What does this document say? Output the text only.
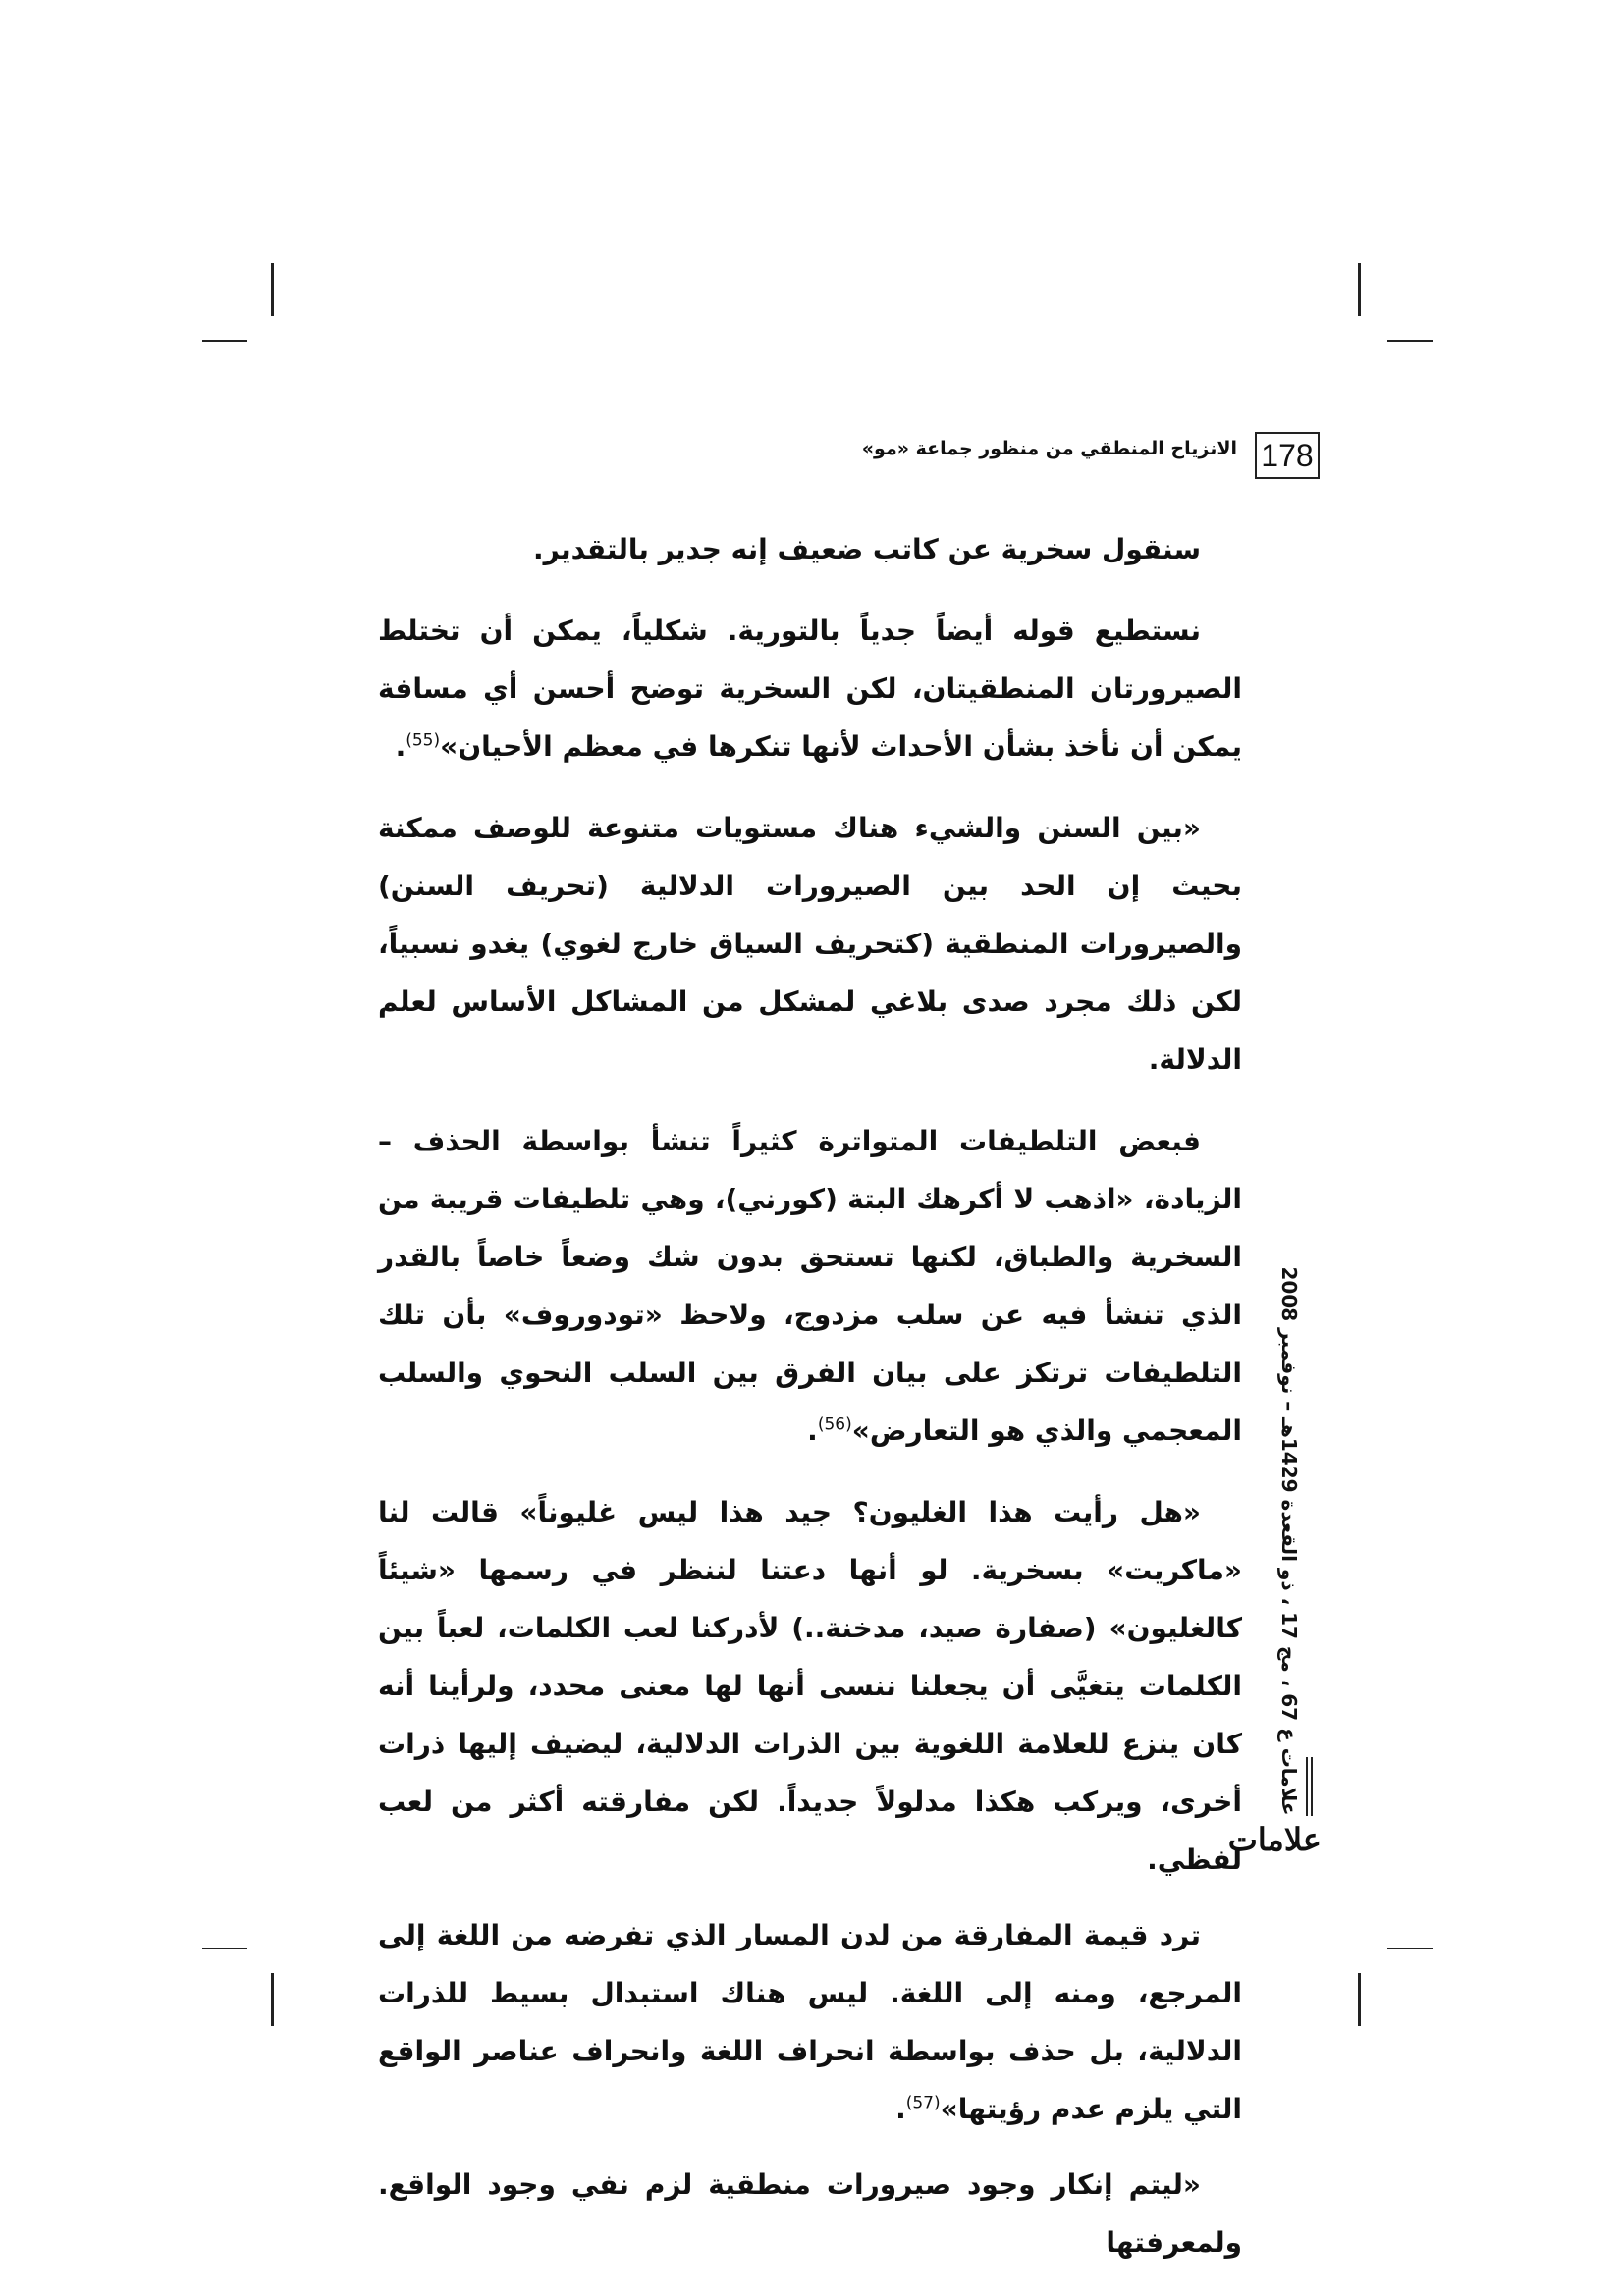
178
الانزياح المنطقي من منظور جماعة «مو»

سنقول سخرية عن كاتب ضعيف إنه جدير بالتقدير.

نستطيع قوله أيضاً جدياً بالتورية. شكلياً، يمكن أن تختلط الصيرورتان المنطقيتان، لكن السخرية توضح أحسن أي مسافة يمكن أن نأخذ بشأن الأحداث لأنها تنكرها في معظم الأحيان»$^{(55)}$.

«بين السنن والشيء هناك مستويات متنوعة للوصف ممكنة بحيث إن الحد بين الصيرورات الدلالية (تحريف السنن) والصيرورات المنطقية (كتحريف السياق خارج لغوي) يغدو نسبياً، لكن ذلك مجرد صدى بلاغي لمشكل من المشاكل الأساس لعلم الدلالة.

فبعض التلطيفات المتواترة كثيراً تنشأ بواسطة الحذف – الزيادة، «اذهب لا أكرهك البتة (كورني)، وهي تلطيفات قريبة من السخرية والطباق، لكنها تستحق بدون شك وضعاً خاصاً بالقدر الذي تنشأ فيه عن سلب مزدوج، ولاحظ «تودوروف» بأن تلك التلطيفات ترتكز على بيان الفرق بين السلب النحوي والسلب المعجمي والذي هو التعارض»$^{(56)}$.

«هل رأيت هذا الغليون؟ جيد هذا ليس غليوناً» قالت لنا «ماكريت» بسخرية. لو أنها دعتنا لننظر في رسمها «شيئاً كالغليون» (صفارة صيد، مدخنة..) لأدركنا لعب الكلمات، لعباً بين الكلمات يتغيَّى أن يجعلنا ننسى أنها لها معنى محدد، ولرأينا أنه كان ينزع للعلامة اللغوية بين الذرات الدلالية، ليضيف إليها ذرات أخرى، ويركب هكذا مدلولاً جديداً. لكن مفارقته أكثر من لعب لفظي.

ترد قيمة المفارقة من لدن المسار الذي تفرضه من اللغة إلى المرجع، ومنه إلى اللغة. ليس هناك استبدال بسيط للذرات الدلالية، بل حذف بواسطة انحراف اللغة وانحراف عناصر الواقع التي يلزم عدم رؤيتها»$^{(57)}$.

«ليتم إنكار وجود صيرورات منطقية لزم نفي وجود الواقع. ولمعرفتها

علامات ع 67 ، مج 17 ، ذو القعدة 1429هـ – نوفمبر 2008
علامات
